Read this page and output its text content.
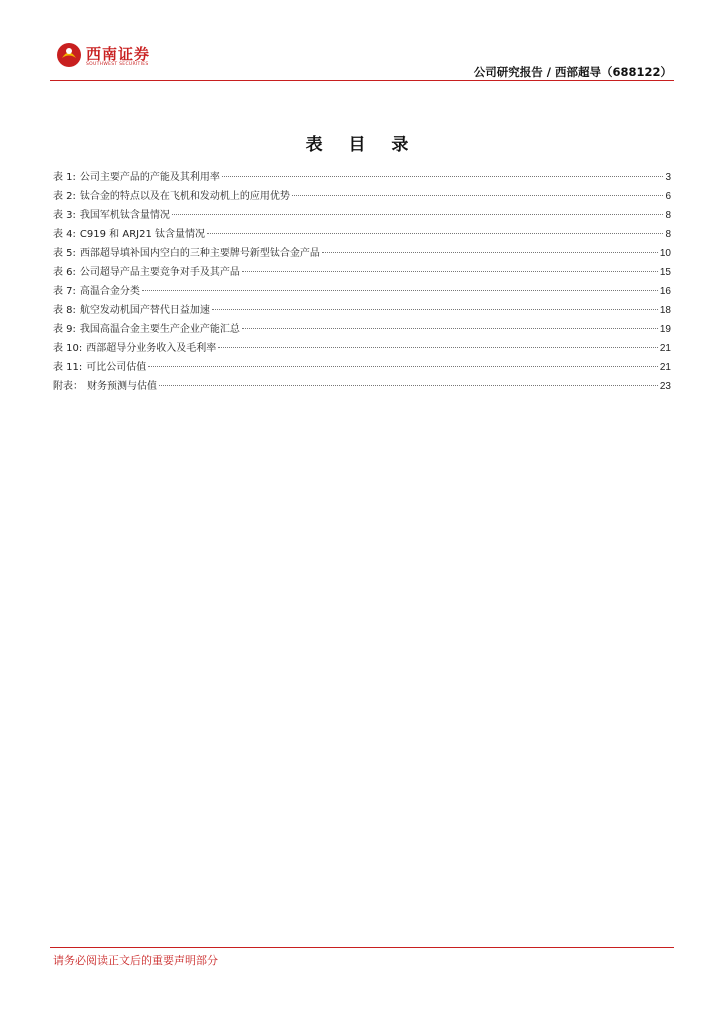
西南证券
SOUTHWEST SECURITIES
公司研究报告 / 西部超导（688122）
表 目 录
表 1: 公司主要产品的产能及其利用率	3
表 2: 钛合金的特点以及在飞机和发动机上的应用优势	6
表 3: 我国军机钛含量情况	8
表 4: C919 和 ARJ21 钛含量情况	8
表 5: 西部超导填补国内空白的三种主要牌号新型钛合金产品	10
表 6: 公司超导产品主要竞争对手及其产品	15
表 7: 高温合金分类	16
表 8: 航空发动机国产替代日益加速	18
表 9: 我国高温合金主要生产企业产能汇总	19
表 10: 西部超导分业务收入及毛利率	21
表 11: 可比公司估值	21
附表： 财务预测与估值	23
请务必阅读正文后的重要声明部分
